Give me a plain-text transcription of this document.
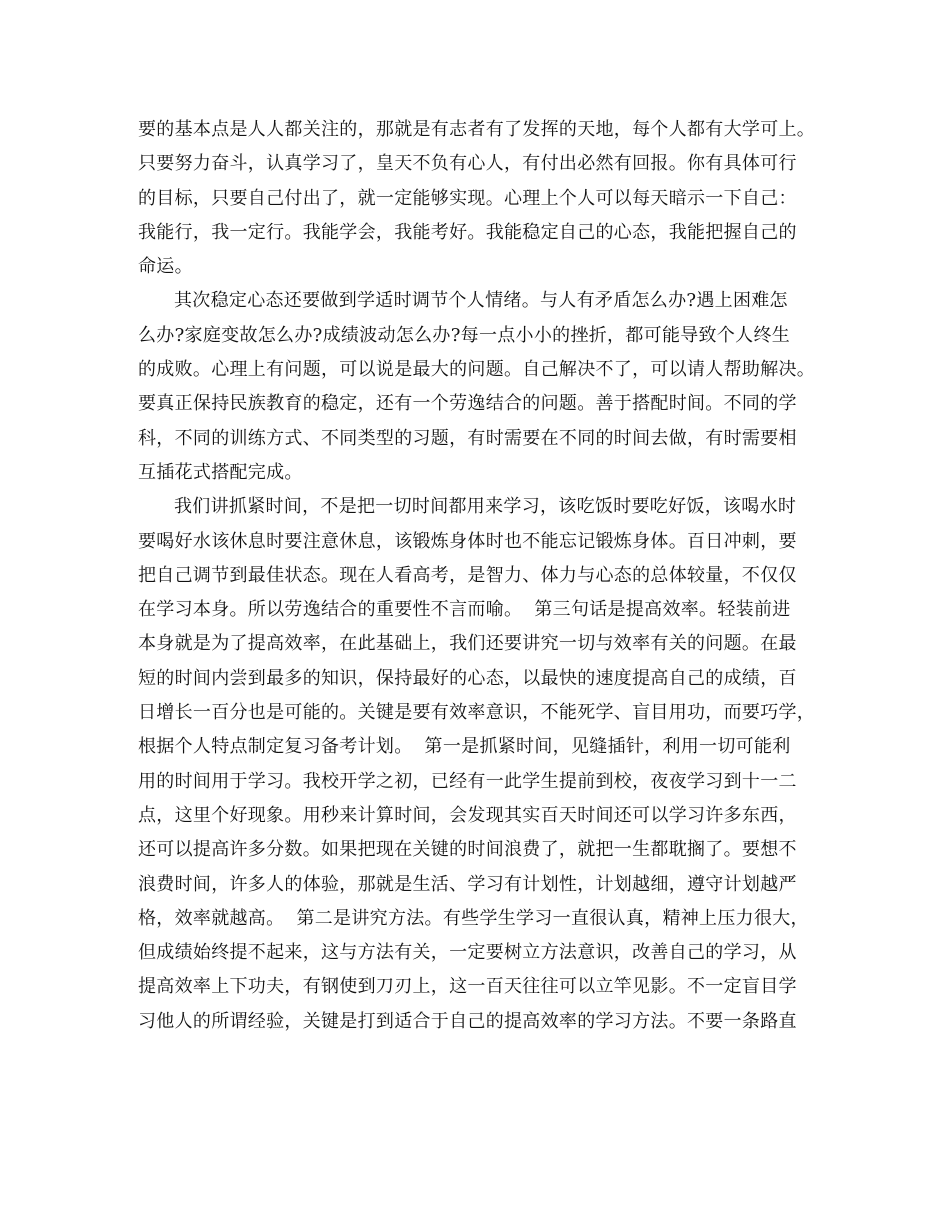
要的基本点是人人都关注的，那就是有志者有了发挥的天地，每个人都有大学可上。
只要努力奋斗，认真学习了，皇天不负有心人，有付出必然有回报。你有具体可行
的目标，只要自己付出了，就一定能够实现。心理上个人可以每天暗示一下自己：
我能行，我一定行。我能学会，我能考好。我能稳定自己的心态，我能把握自己的
命运。
其次稳定心态还要做到学适时调节个人情绪。与人有矛盾怎么办?遇上困难怎
么办?家庭变故怎么办?成绩波动怎么办?每一点小小的挫折，都可能导致个人终生
的成败。心理上有问题，可以说是最大的问题。自己解决不了，可以请人帮助解决。
要真正保持民族教育的稳定，还有一个劳逸结合的问题。善于搭配时间。不同的学
科，不同的训练方式、不同类型的习题，有时需要在不同的时间去做，有时需要相
互插花式搭配完成。
我们讲抓紧时间，不是把一切时间都用来学习，该吃饭时要吃好饭，该喝水时
要喝好水该休息时要注意休息，该锻炼身体时也不能忘记锻炼身体。百日冲刺，要
把自己调节到最佳状态。现在人看高考，是智力、体力与心态的总体较量，不仅仅
在学习本身。所以劳逸结合的重要性不言而喻。  第三句话是提高效率。轻装前进
本身就是为了提高效率，在此基础上，我们还要讲究一切与效率有关的问题。在最
短的时间内尝到最多的知识，保持最好的心态，以最快的速度提高自己的成绩，百
日增长一百分也是可能的。关键是要有效率意识，不能死学、盲目用功，而要巧学，
根据个人特点制定复习备考计划。  第一是抓紧时间，见缝插针，利用一切可能利
用的时间用于学习。我校开学之初，已经有一此学生提前到校，夜夜学习到十一二
点，这里个好现象。用秒来计算时间，会发现其实百天时间还可以学习许多东西，
还可以提高许多分数。如果把现在关键的时间浪费了，就把一生都耽搁了。要想不
浪费时间，许多人的体验，那就是生活、学习有计划性，计划越细，遵守计划越严
格，效率就越高。  第二是讲究方法。有些学生学习一直很认真，精神上压力很大，
但成绩始终提不起来，这与方法有关，一定要树立方法意识，改善自己的学习，从
提高效率上下功夫，有钢使到刀刃上，这一百天往往可以立竿见影。不一定盲目学
习他人的所谓经验，关键是打到适合于自己的提高效率的学习方法。不要一条路直
